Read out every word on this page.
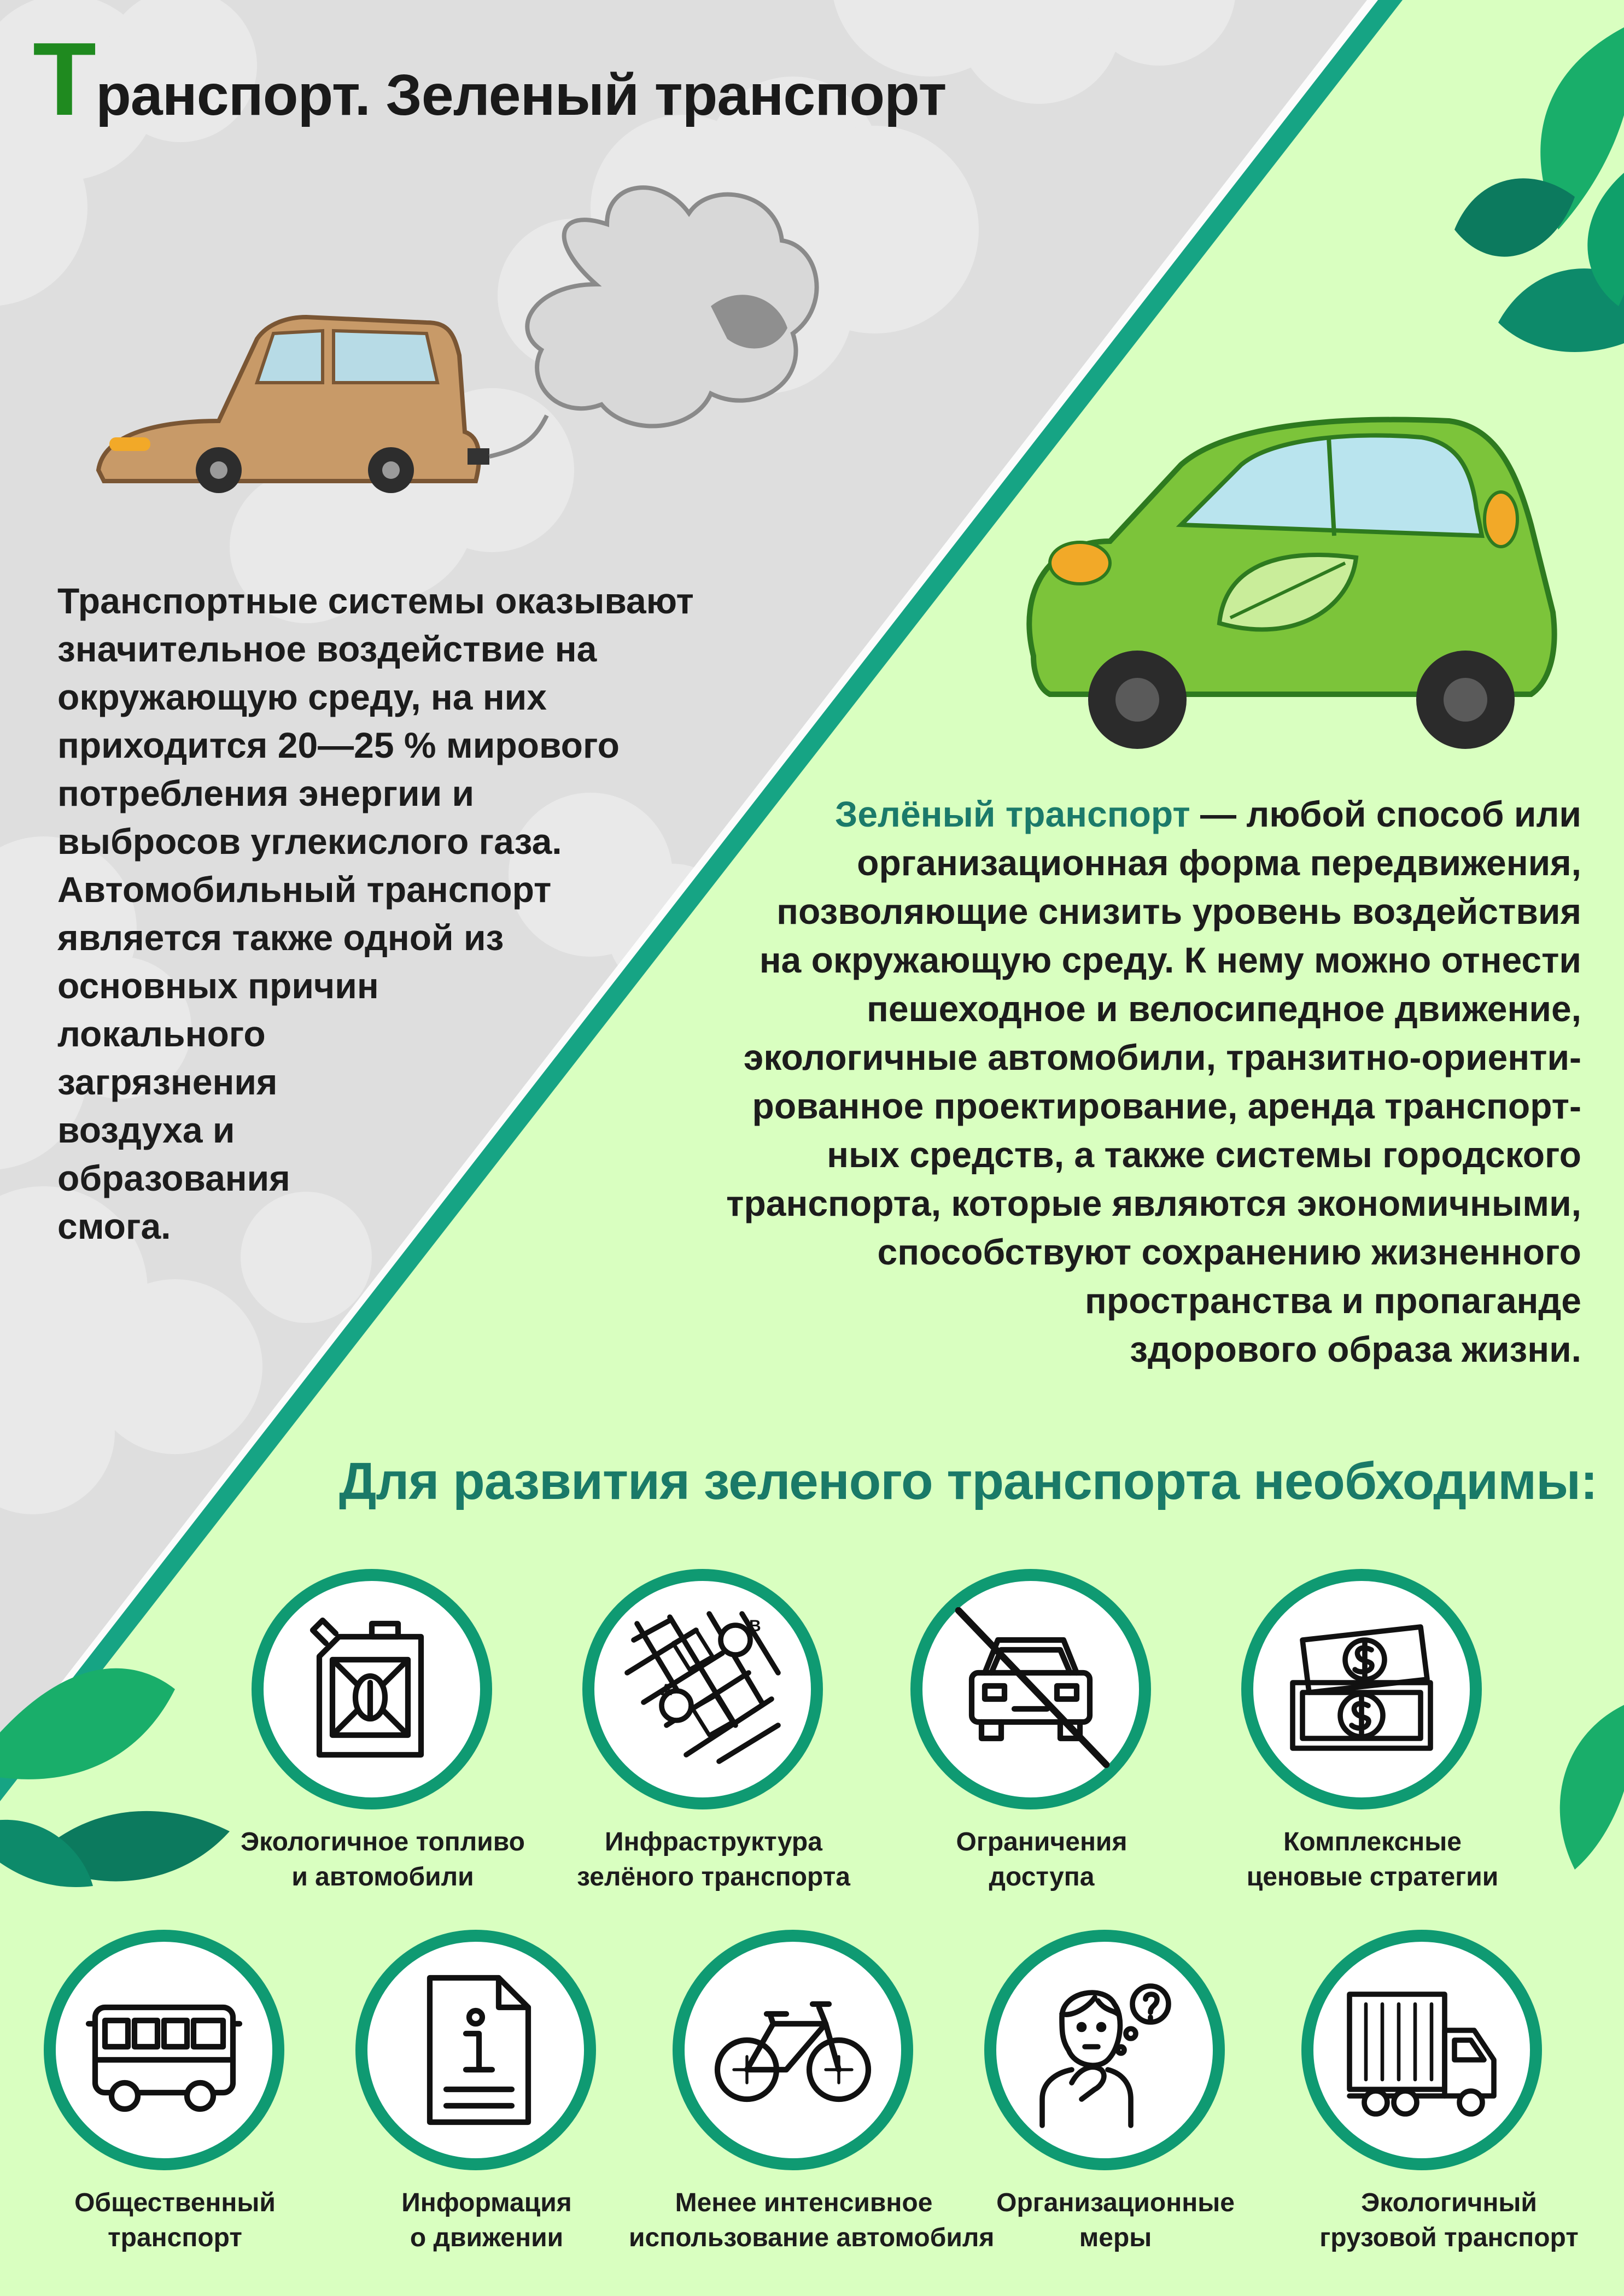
Транспорт. Зеленый транспорт

Транспортные системы оказывают
значительное воздействие на
окружающую среду, на них
приходится 20—25 % мирового
потребления энергии и
выбросов углекислого газа.
Автомобильный транспорт
является также одной из
основных причин
локального
загрязнения
воздуха и
образования
смога.

Зелёный транспорт — любой способ или
организационная форма передвижения,
позволяющие снизить уровень воздействия
на окружающую среду. К нему можно отнести
пешеходное и велосипедное движение,
экологичные автомобили, транзитно-ориенти-
рованное проектирование, аренда транспорт-
ных средств, а также системы городского
транспорта, которые являются экономичными,
способствуют сохранению жизненного
пространства и пропаганде
здорового образа жизни.

Для развития зеленого транспорта необходимы:
Экологичное топливо
и автомобили
A
B
Инфраструктура
зелёного транспорта
Ограничения
доступа
Комплексные
ценовые стратегии
Общественный
транспорт
Информация
о движении
Менее интенсивное
использование автомобиля
Организационные
меры
Экологичный
грузовой транспорт
